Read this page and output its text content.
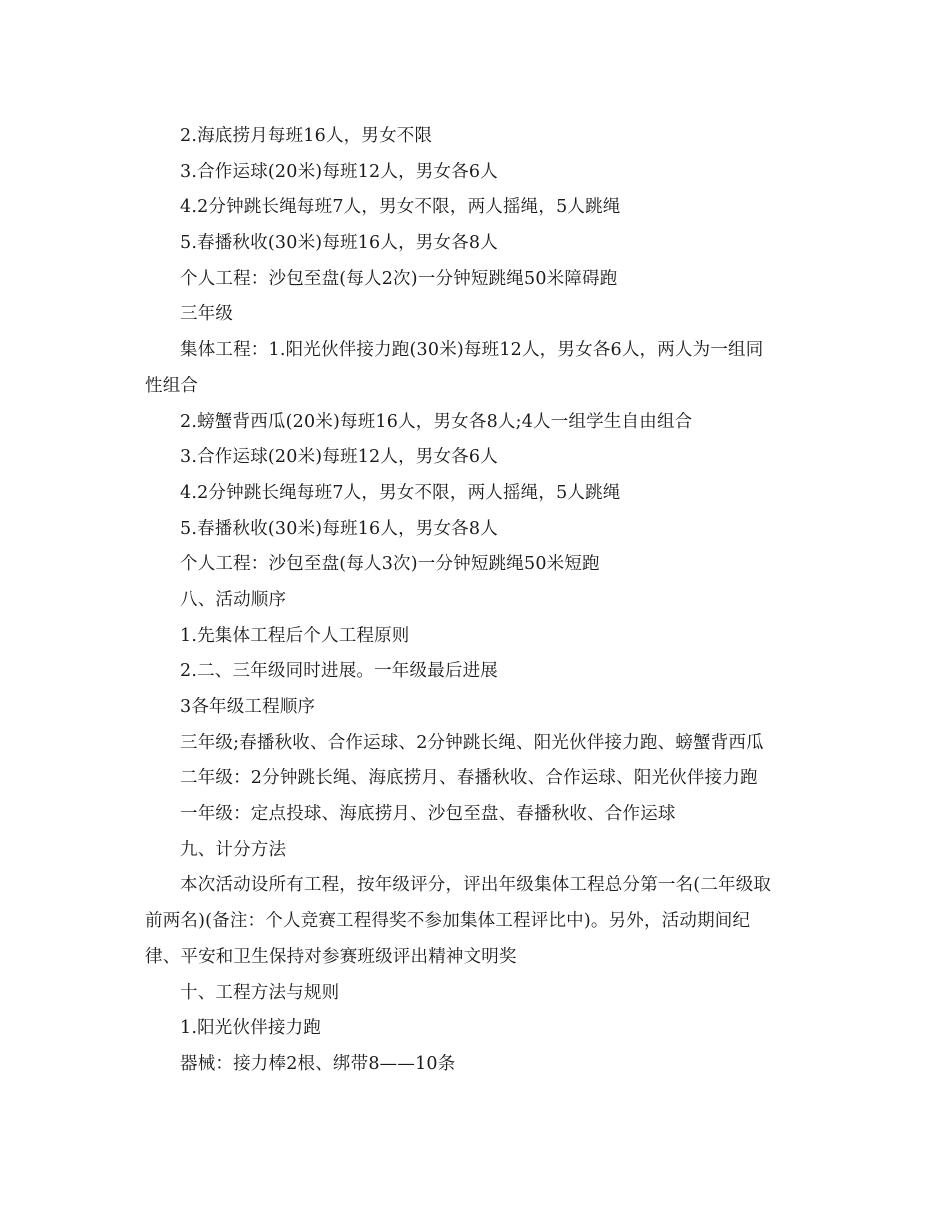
2.海底捞月每班16人，男女不限
3.合作运球(20米)每班12人，男女各6人
4.2分钟跳长绳每班7人，男女不限，两人摇绳，5人跳绳
5.春播秋收(30米)每班16人，男女各8人
个人工程：沙包至盘(每人2次)一分钟短跳绳50米障碍跑
三年级
集体工程：1.阳光伙伴接力跑(30米)每班12人，男女各6人，两人为一组同
性组合
2.螃蟹背西瓜(20米)每班16人，男女各8人;4人一组学生自由组合
3.合作运球(20米)每班12人，男女各6人
4.2分钟跳长绳每班7人，男女不限，两人摇绳，5人跳绳
5.春播秋收(30米)每班16人，男女各8人
个人工程：沙包至盘(每人3次)一分钟短跳绳50米短跑
八、活动顺序
1.先集体工程后个人工程原则
2.二、三年级同时进展。一年级最后进展
3各年级工程顺序
三年级;春播秋收、合作运球、2分钟跳长绳、阳光伙伴接力跑、螃蟹背西瓜
二年级：2分钟跳长绳、海底捞月、春播秋收、合作运球、阳光伙伴接力跑
一年级：定点投球、海底捞月、沙包至盘、春播秋收、合作运球
九、计分方法
本次活动设所有工程，按年级评分，评出年级集体工程总分第一名(二年级取
前两名)(备注：个人竞赛工程得奖不参加集体工程评比中)。另外，活动期间纪
律、平安和卫生保持对参赛班级评出精神文明奖
十、工程方法与规则
1.阳光伙伴接力跑
器械：接力棒2根、绑带8——10条
